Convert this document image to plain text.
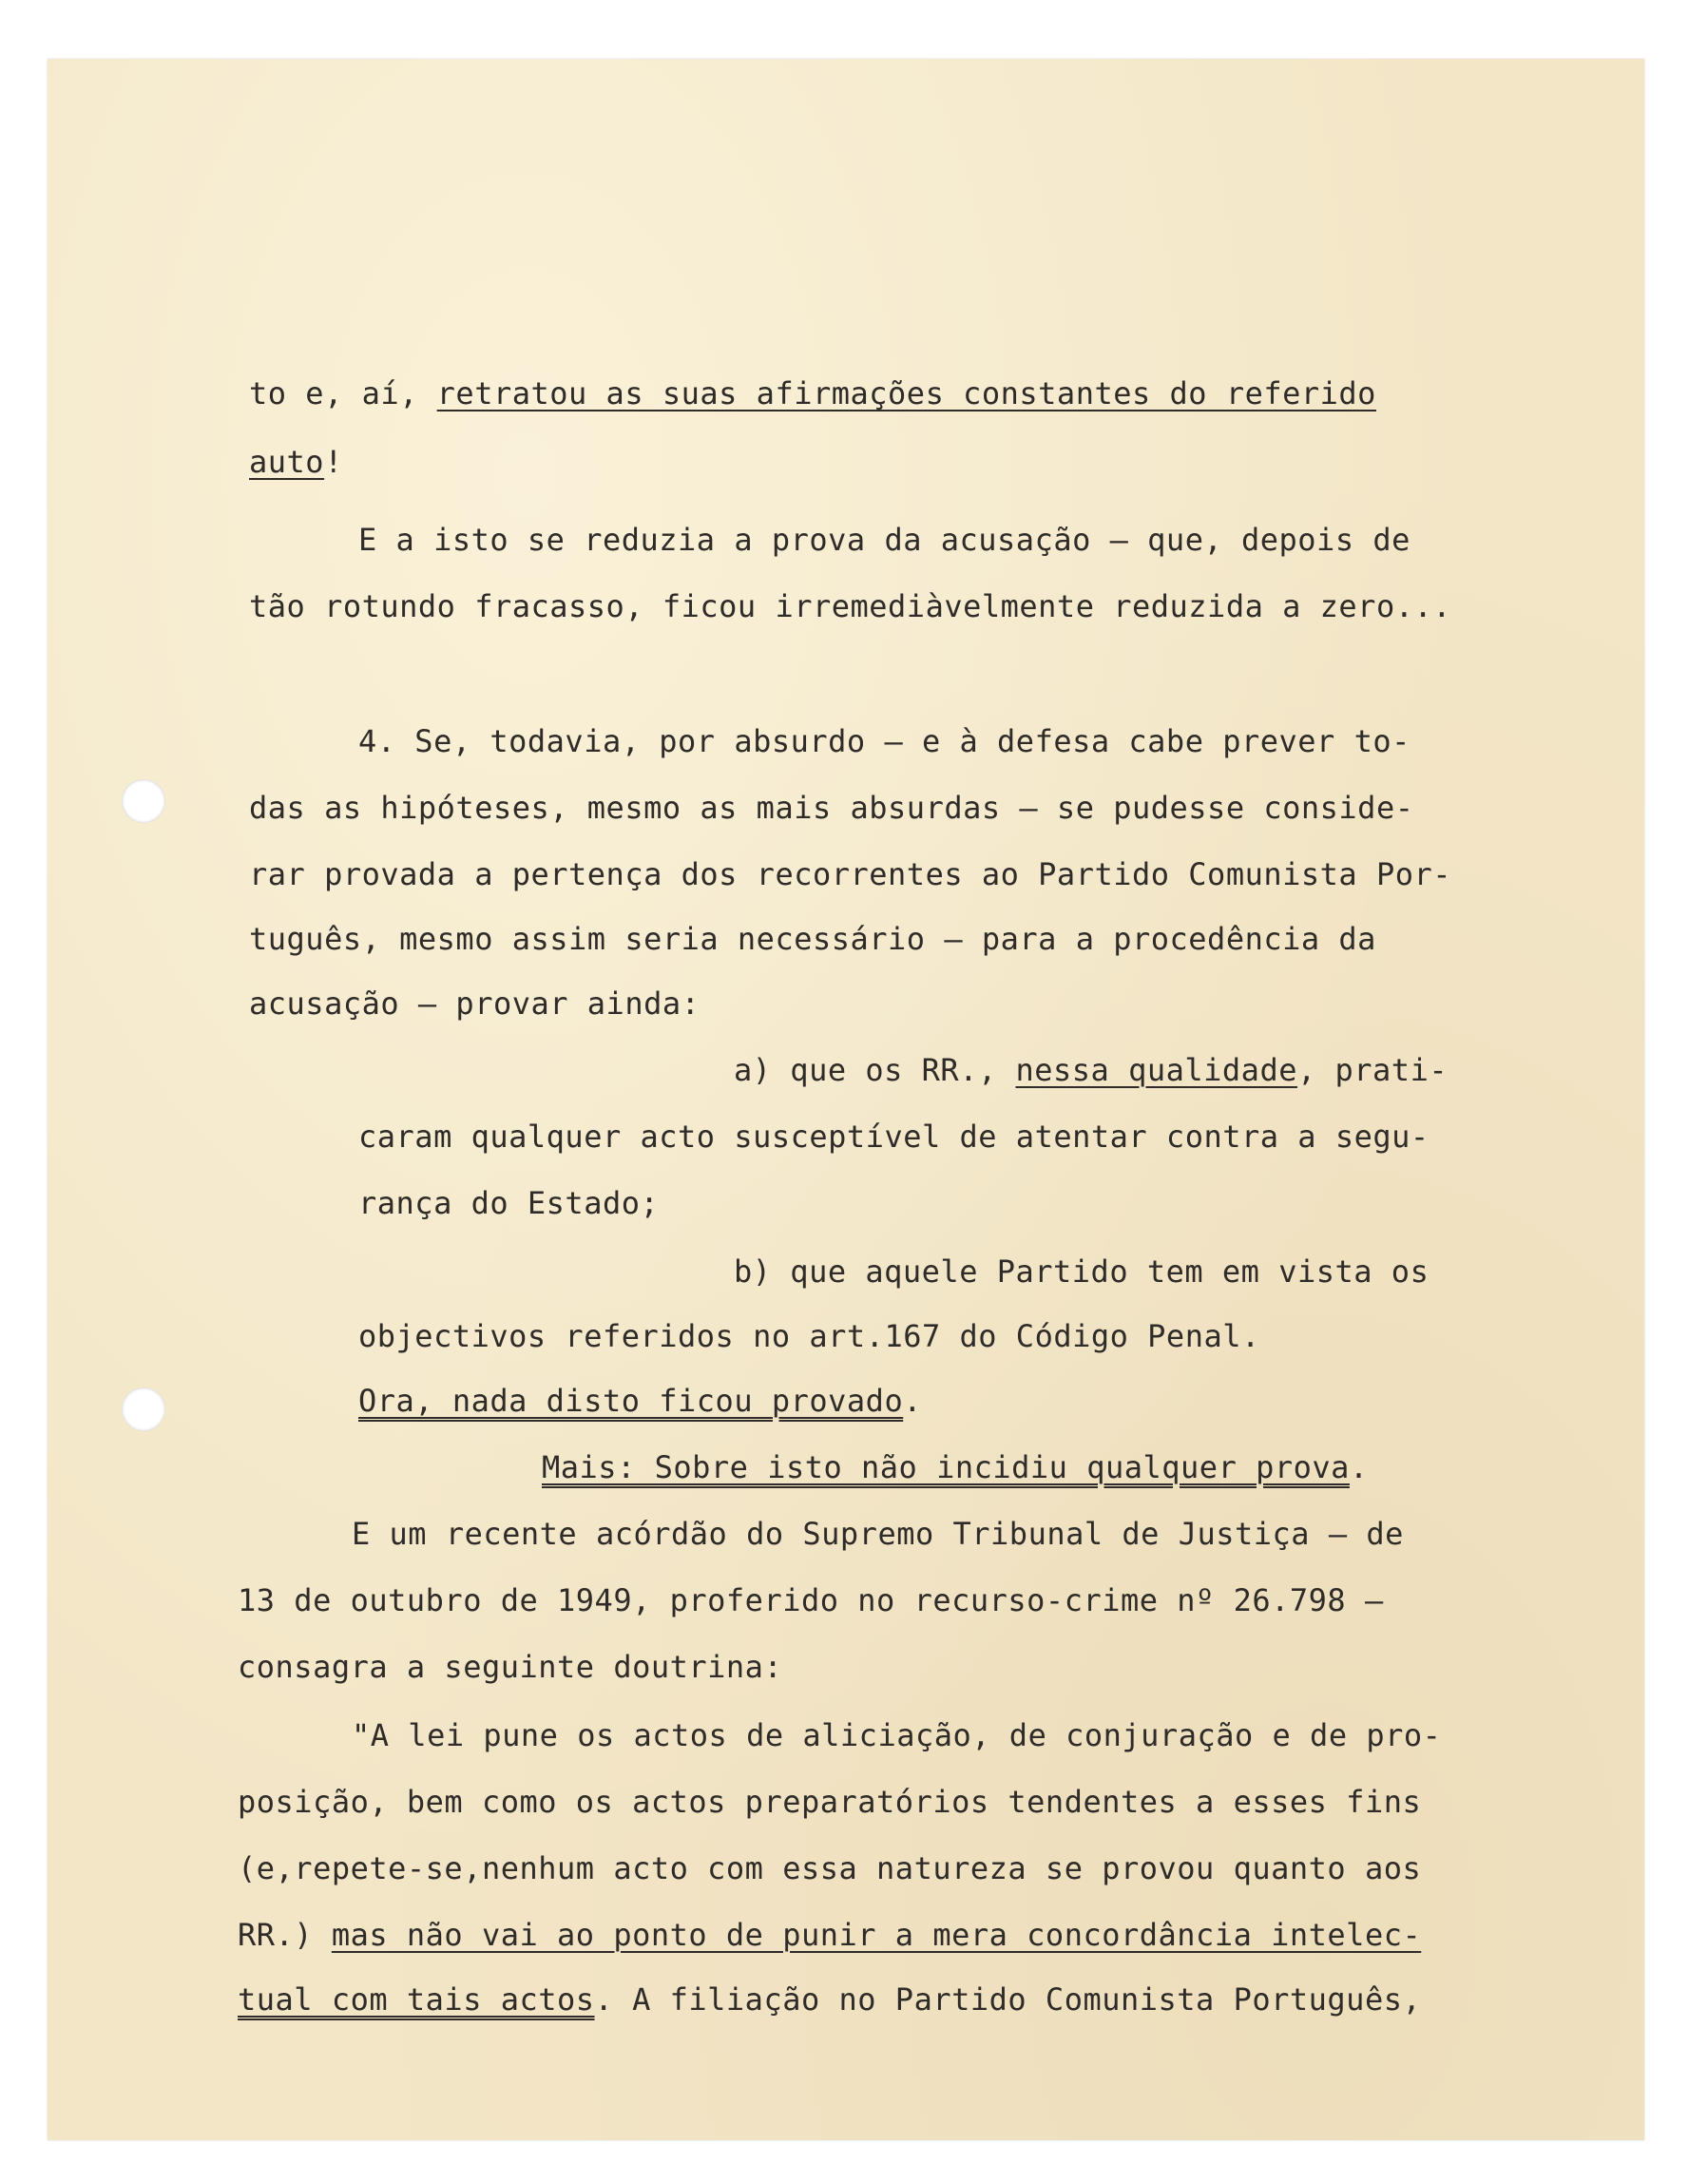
to e, aí, retratou as suas afirmações constantes do referido
auto!
E a isto se reduzia a prova da acusação — que, depois de
tão rotundo fracasso, ficou irremediàvelmente reduzida a zero...
4. Se, todavia, por absurdo — e à defesa cabe prever to-
das as hipóteses, mesmo as mais absurdas — se pudesse conside-
rar provada a pertença dos recorrentes ao Partido Comunista Por-
tuguês, mesmo assim seria necessário — para a procedência da
acusação — provar ainda:
a) que os RR., nessa qualidade, prati-
caram qualquer acto susceptível de atentar contra a segu-
rança do Estado;
b) que aquele Partido tem em vista os
objectivos referidos no art.167 do Código Penal.
Ora, nada disto ficou provado.
Mais: Sobre isto não incidiu qualquer prova.
E um recente acórdão do Supremo Tribunal de Justiça — de
13 de outubro de 1949, proferido no recurso-crime nº 26.798 —
consagra a seguinte doutrina:
"A lei pune os actos de aliciação, de conjuração e de pro-
posição, bem como os actos preparatórios tendentes a esses fins
(e,repete-se,nenhum acto com essa natureza se provou quanto aos
RR.) mas não vai ao ponto de punir a mera concordância intelec-
tual com tais actos. A filiação no Partido Comunista Português,
